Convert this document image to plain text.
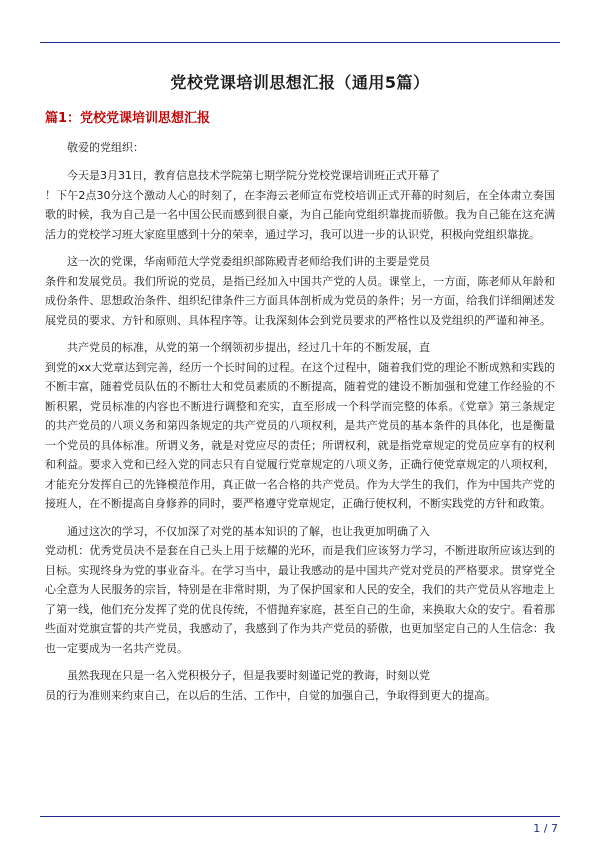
党校党课培训思想汇报（通用5篇）
篇1：党校党课培训思想汇报
敬爱的党组织：
今天是3月31日，教育信息技术学院第七期学院分党校党课培训班正式开幕了
！下午2点30分这个激动人心的时刻了，在李海云老师宣布党校培训正式开幕的时刻后，在全体肃立奏国歌的时候，我为自己是一名中国公民而感到很自豪，为自己能向党组织靠拢而骄傲。我为自己能在这充满活力的党校学习班大家庭里感到十分的荣幸，通过学习，我可以进一步的认识党，积极向党组织靠拢。
这一次的党课，华南师范大学党委组织部陈殿青老师给我们讲的主要是党员
条件和发展党员。我们所说的党员，是指已经加入中国共产党的人员。课堂上，一方面，陈老师从年龄和成份条件、思想政治条件、组织纪律条件三方面具体剖析成为党员的条件；另一方面，给我们详细阐述发展党员的要求、方针和原则、具体程序等。让我深刻体会到党员要求的严格性以及党组织的严谨和神圣。
共产党员的标准，从党的第一个纲领初步提出，经过几十年的不断发展，直
到党的xx大党章达到完善，经历一个长时间的过程。在这个过程中，随着我们党的理论不断成熟和实践的不断丰富，随着党员队伍的不断壮大和党员素质的不断提高，随着党的建设不断加强和党建工作经验的不断积累，党员标准的内容也不断进行调整和充实，直至形成一个科学而完整的体系。《党章》第三条规定的共产党员的八项义务和第四条规定的共产党员的八项权利，是共产党员的基本条件的具体化，也是衡量一个党员的具体标准。所谓义务，就是对党应尽的责任；所谓权利，就是指党章规定的党员应享有的权利和利益。要求入党和已经入党的同志只有自觉履行党章规定的八项义务，正确行使党章规定的八项权利，才能充分发挥自己的先锋模范作用，真正做一名合格的共产党员。作为大学生的我们，作为中国共产党的接班人，在不断提高自身修养的同时，要严格遵守党章规定，正确行使权利，不断实践党的方针和政策。
通过这次的学习，不仅加深了对党的基本知识的了解，也让我更加明确了入
党动机：优秀党员决不是套在自己头上用于炫耀的光环，而是我们应该努力学习，不断进取所应该达到的目标。实现终身为党的事业奋斗。在学习当中，最让我感动的是中国共产党对党员的严格要求。贯穿党全心全意为人民服务的宗旨，特别是在非常时期，为了保护国家和人民的安全，我们的共产党员从容地走上了第一线，他们充分发挥了党的优良传统，不惜抛弃家庭，甚至自己的生命，来换取大众的安宁。看着那些面对党旗宣誓的共产党员，我感动了，我感到了作为共产党员的骄傲，也更加坚定自己的人生信念：我也一定要成为一名共产党员。
虽然我现在只是一名入党积极分子，但是我要时刻谨记党的教诲，时刻以党
员的行为准则来约束自己，在以后的生活、工作中，自觉的加强自己，争取得到更大的提高。
1 / 7
